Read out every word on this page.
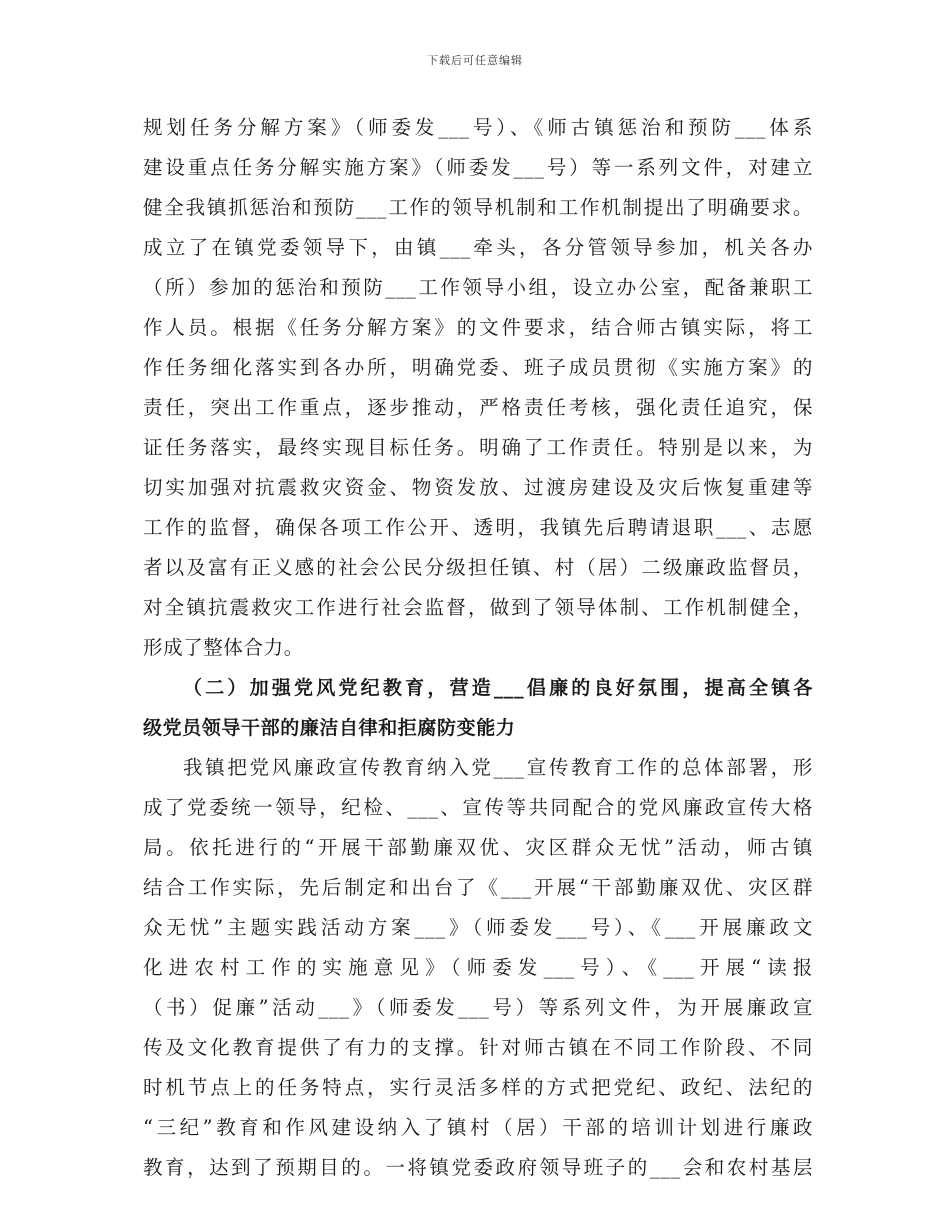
下载后可任意编辑
规划任务分解方案》（师委发___号）、《师古镇惩治和预防___体系
建设重点任务分解实施方案》（师委发___号）等一系列文件，对建立
健全我镇抓惩治和预防___工作的领导机制和工作机制提出了明确要求。
成立了在镇党委领导下，由镇___牵头，各分管领导参加，机关各办
（所）参加的惩治和预防___工作领导小组，设立办公室，配备兼职工
作人员。根据《任务分解方案》的文件要求，结合师古镇实际，将工
作任务细化落实到各办所，明确党委、班子成员贯彻《实施方案》的
责任，突出工作重点，逐步推动，严格责任考核，强化责任追究，保
证任务落实，最终实现目标任务。明确了工作责任。特别是以来，为
切实加强对抗震救灾资金、物资发放、过渡房建设及灾后恢复重建等
工作的监督，确保各项工作公开、透明，我镇先后聘请退职___、志愿
者以及富有正义感的社会公民分级担任镇、村（居）二级廉政监督员，
对全镇抗震救灾工作进行社会监督，做到了领导体制、工作机制健全，
形成了整体合力。
（二）加强党风党纪教育，营造___倡廉的良好氛围，提高全镇各
级党员领导干部的廉洁自律和拒腐防变能力
我镇把党风廉政宣传教育纳入党___宣传教育工作的总体部署，形
成了党委统一领导，纪检、___、宣传等共同配合的党风廉政宣传大格
局。依托进行的“开展干部勤廉双优、灾区群众无忧”活动，师古镇
结合工作实际，先后制定和出台了《___开展“干部勤廉双优、灾区群
众无忧”主题实践活动方案___》（师委发___号）、《___开展廉政文
化进农村工作的实施意见》（师委发___号）、《___开展“读报
（书）促廉”活动___》（师委发___号）等系列文件，为开展廉政宣
传及文化教育提供了有力的支撑。针对师古镇在不同工作阶段、不同
时机节点上的任务特点，实行灵活多样的方式把党纪、政纪、法纪的
“三纪”教育和作风建设纳入了镇村（居）干部的培训计划进行廉政
教育，达到了预期目的。一将镇党委政府领导班子的___会和农村基层
